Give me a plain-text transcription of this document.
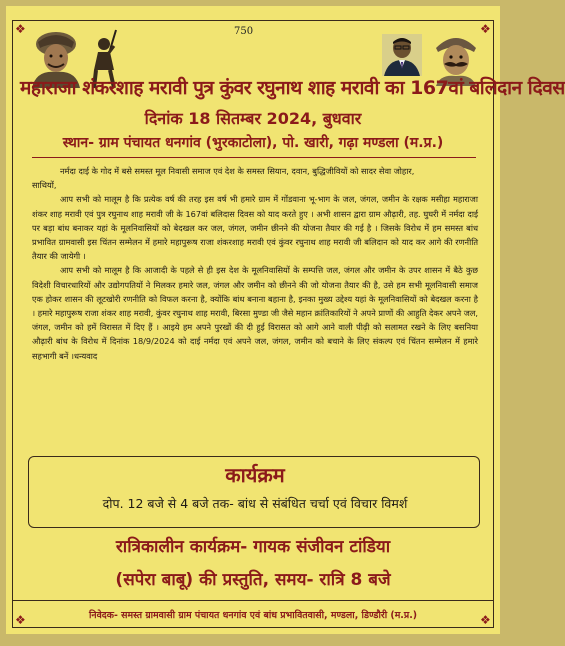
❖	❖
❖	❖
750
महाराजा शंकरशाह मरावी पुत्र कुंवर रघुनाथ शाह मरावी का 167वां बलिदान दिवस
दिनांक 18 सितम्बर 2024, बुधवार
स्थान- ग्राम पंचायत धनगांव (भुरकाटोला), पो. खारी, गढ़ा मण्डला (म.प्र.)

नर्मदा दाई के गोद में बसे समस्त मूल निवासी समाज एवं देश के समस्त सियान, दवान, बुद्धिजीवियों को सादर सेवा जोहार,

साथियों,

आप सभी को मालूम है कि प्रत्येक वर्ष की तरह इस वर्ष भी हमारे ग्राम में गोंडवाना भू-भाग के जल, जंगल, जमीन के रक्षक मसीहा महाराजा शंकर शाह मरावी एवं पुत्र रघुनाथ शाह मरावी जी के 167वां बलिदास दिवस को याद करते हुए । अभी शासन द्वारा ग्राम औढ़ारी, तह. घुघरी में नर्मदा दाई पर बड़ा बांध बनाकर यहां के मूलनिवासियों को बेदखल कर जल, जंगल, जमीन छीनने की योजना तैयार की गई है । जिसके विरोध में हम समस्त बांध प्रभावित ग्रामवासी इस चिंतन सम्मेलन में हमारे महापुरूष राजा शंकरशाह मरावी एवं कुंवर रघुनाथ शाह मरावी जी बलिदान को याद कर आगे की रणनीति तैयार की जायेगी ।

आप सभी को मालूम है कि आजादी के पहले से ही इस देश के मूलनिवासियों के सम्पत्ति जल, जंगल और जमीन के उपर शासन में बैठे कुछ विदेशी विचारधारियों और उद्योगपतियों ने मिलकर हमारे जल, जंगल और जमीन को छीनने की जो योजना तैयार की है, उसे हम सभी मूलनिवासी समाज एक होकर शासन की लूटखोरी रणनीति को विफल करना है, क्योंकि बांध बनाना बहाना है, इनका मुख्य उद्देश्य यहां के मूलनिवासियों को बेदखल करना है । हमारे महापुरूष राजा शंकर शाह मरावी, कुंवर रघुनाथ शाह मरावी, बिरसा मुण्डा जी जैसे महान क्रांतिकारियों ने अपने प्राणों की आहुति देकर अपने जल, जंगल, जमीन को हमें विरासत में दिए हैं । आइये हम अपने पुरखों की दी हुई विरासत को आगे आने वाली पीढ़ी को सलामत रखने के लिए बसनिया औढ़ारी बांध के विरोध में दिनांक 18/9/2024 को दाई नर्मदा एवं अपने जल, जंगल, जमीन को बचाने के लिए संकल्प एवं चिंतन सम्मेलन में हमारे सहभागी बनें ।धन्यवाद

कार्यक्रम
दोप. 12 बजे से 4 बजे तक- बांध से संबंधित चर्चा एवं विचार विमर्श
रात्रिकालीन कार्यक्रम- गायक संजीवन टांडिया
(सपेरा बाबू) की प्रस्तुति, समय- रात्रि 8 बजे
निवेदक- समस्त ग्रामवासी ग्राम पंचायत धनगांव एवं बांध प्रभावितवासी, मण्डला, डिण्डौरी (म.प्र.)
